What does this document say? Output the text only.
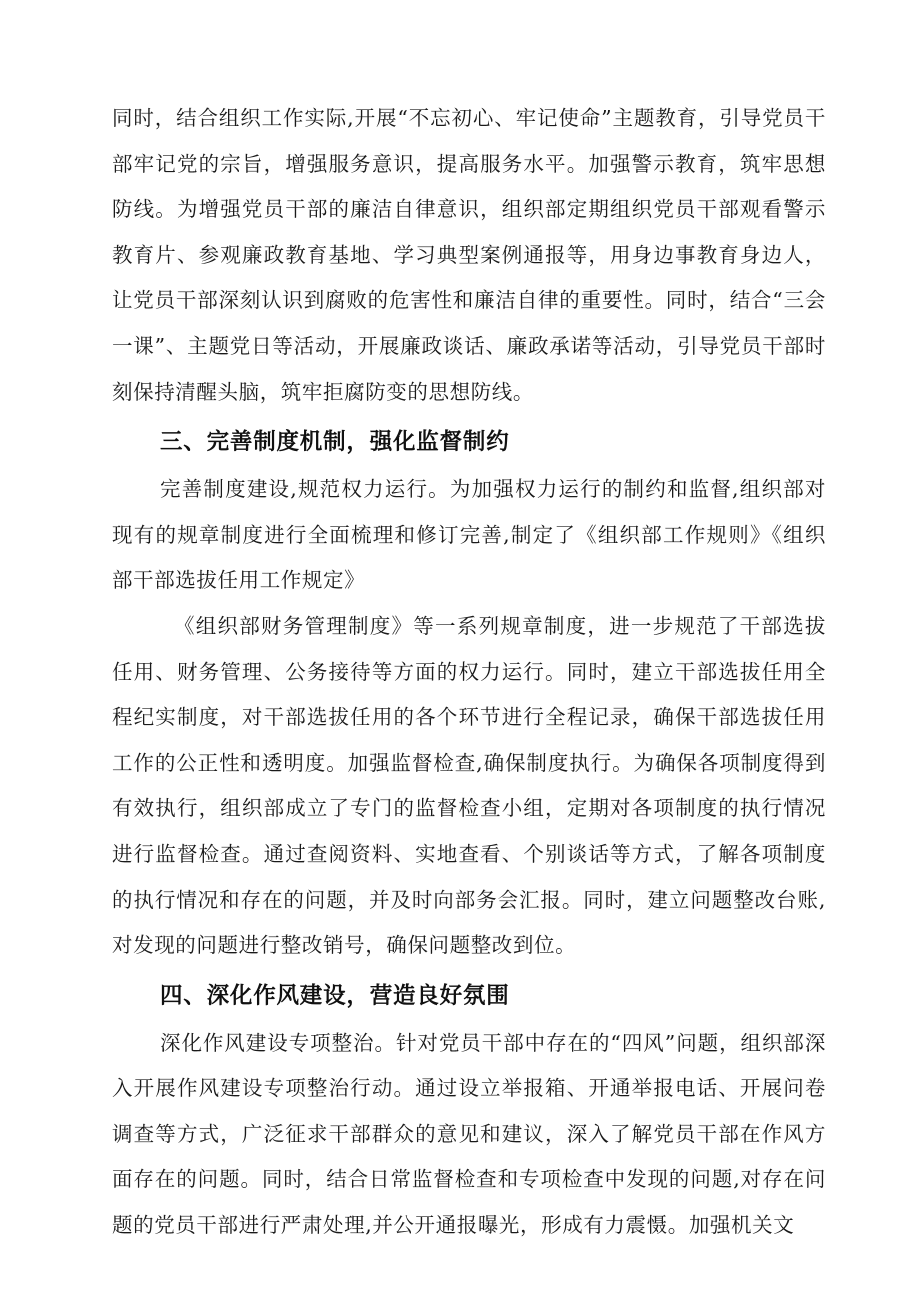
同时，结合组织工作实际,开展“不忘初心、牢记使命”主题教育，引导党员干部牢记党的宗旨，增强服务意识，提高服务水平。加强警示教育，筑牢思想防线。为增强党员干部的廉洁自律意识，组织部定期组织党员干部观看警示教育片、参观廉政教育基地、学习典型案例通报等，用身边事教育身边人，让党员干部深刻认识到腐败的危害性和廉洁自律的重要性。同时，结合“三会一课”、主题党日等活动，开展廉政谈话、廉政承诺等活动，引导党员干部时刻保持清醒头脑，筑牢拒腐防变的思想防线。

三、完善制度机制，强化监督制约

完善制度建设,规范权力运行。为加强权力运行的制约和监督,组织部对现有的规章制度进行全面梳理和修订完善,制定了《组织部工作规则》《组织部干部选拔任用工作规定》

《组织部财务管理制度》等一系列规章制度，进一步规范了干部选拔任用、财务管理、公务接待等方面的权力运行。同时，建立干部选拔任用全程纪实制度，对干部选拔任用的各个环节进行全程记录，确保干部选拔任用工作的公正性和透明度。加强监督检查,确保制度执行。为确保各项制度得到有效执行，组织部成立了专门的监督检查小组，定期对各项制度的执行情况进行监督检查。通过查阅资料、实地查看、个别谈话等方式，了解各项制度的执行情况和存在的问题，并及时向部务会汇报。同时，建立问题整改台账,对发现的问题进行整改销号，确保问题整改到位。

四、深化作风建设，营造良好氛围

深化作风建设专项整治。针对党员干部中存在的“四风”问题，组织部深入开展作风建设专项整治行动。通过设立举报箱、开通举报电话、开展问卷调查等方式，广泛征求干部群众的意见和建议，深入了解党员干部在作风方面存在的问题。同时，结合日常监督检查和专项检查中发现的问题,对存在问题的党员干部进行严肃处理,并公开通报曝光，形成有力震慑。加强机关文
